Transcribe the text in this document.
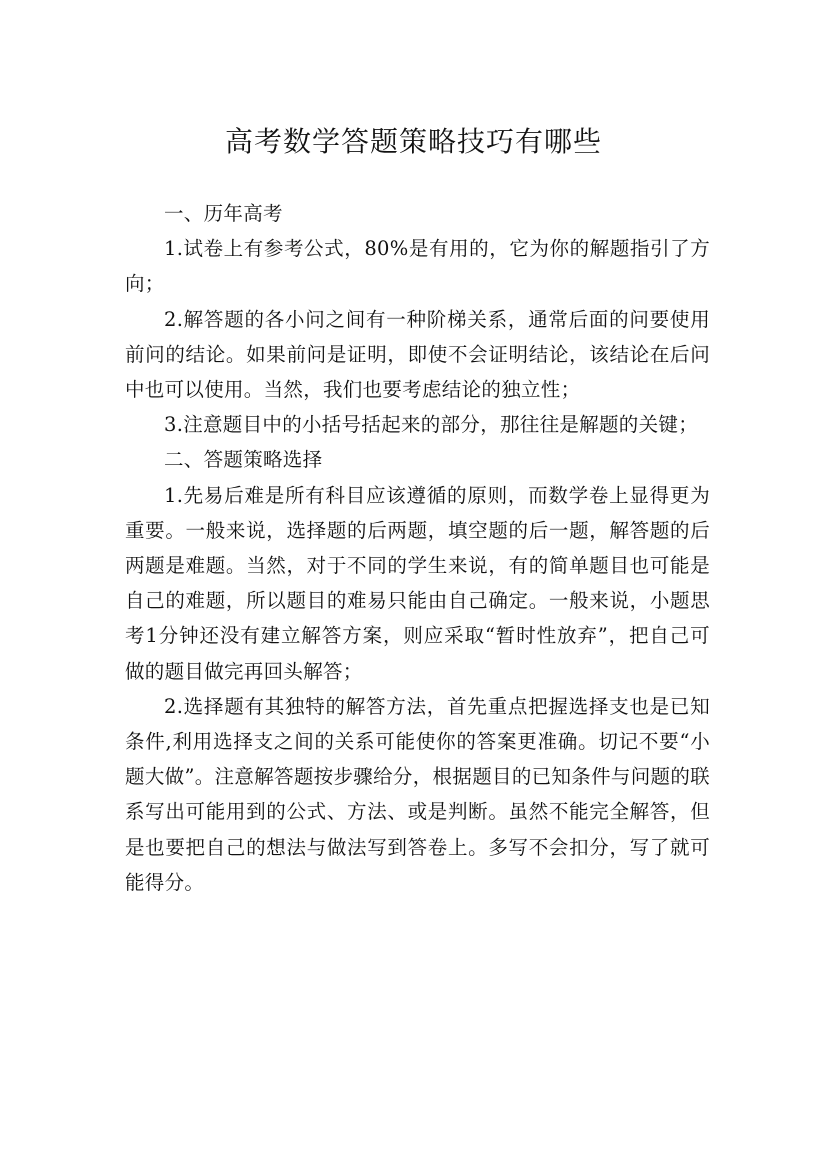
高考数学答题策略技巧有哪些

一、历年高考

1.试卷上有参考公式，80%是有用的，它为你的解题指引了方向；

2.解答题的各小问之间有一种阶梯关系，通常后面的问要使用前问的结论。如果前问是证明，即使不会证明结论，该结论在后问中也可以使用。当然，我们也要考虑结论的独立性；

3.注意题目中的小括号括起来的部分，那往往是解题的关键；

二、答题策略选择

1.先易后难是所有科目应该遵循的原则，而数学卷上显得更为重要。一般来说，选择题的后两题，填空题的后一题，解答题的后两题是难题。当然，对于不同的学生来说，有的简单题目也可能是自己的难题，所以题目的难易只能由自己确定。一般来说，小题思考1分钟还没有建立解答方案，则应采取“暂时性放弃”，把自己可做的题目做完再回头解答；

2.选择题有其独特的解答方法，首先重点把握选择支也是已知条件,利用选择支之间的关系可能使你的答案更准确。切记不要“小题大做”。注意解答题按步骤给分，根据题目的已知条件与问题的联系写出可能用到的公式、方法、或是判断。虽然不能完全解答，但是也要把自己的想法与做法写到答卷上。多写不会扣分，写了就可能得分。
